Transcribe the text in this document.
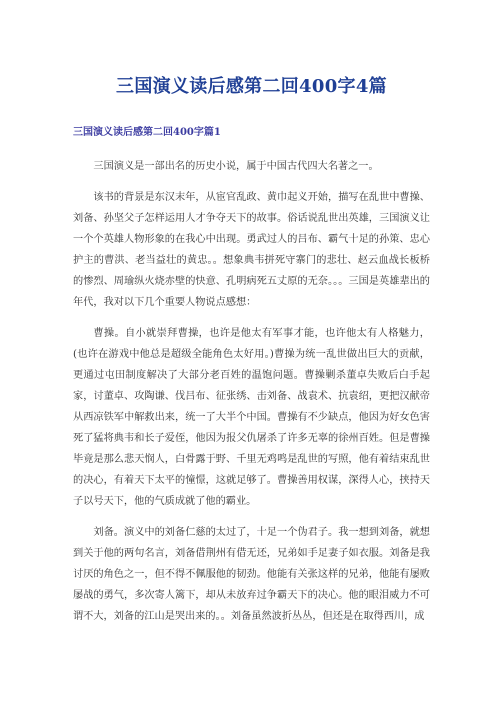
三国演义读后感第二回400字4篇
三国演义读后感第二回400字篇1

三国演义是一部出名的历史小说，属于中国古代四大名著之一。

该书的背景是东汉末年，从宦官乱政、黄巾起义开始，描写在乱世中曹操、刘备、孙坚父子怎样运用人才争夺天下的故事。俗话说乱世出英雄，三国演义让一个个英雄人物形象的在我心中出现。勇武过人的吕布、霸气十足的孙策、忠心护主的曹洪、老当益壮的黄忠。。想象典韦拼死守寨门的悲壮、赵云血战长板桥的惨烈、周瑜纵火烧赤壁的快意、孔明病死五丈原的无奈。。。三国是英雄辈出的年代，我对以下几个重要人物说点感想：

曹操。自小就崇拜曹操，也许是他太有军事才能，也许他太有人格魅力，(也许在游戏中他总是超级全能角色太好用。)曹操为统一乱世做出巨大的贡献，更通过屯田制度解决了大部分老百姓的温饱问题。曹操剿杀董卓失败后白手起家，讨董卓、攻陶谦、伐吕布、征张绣、击刘备、战袁术、抗袁绍，更把汉献帝从西凉铁军中解救出来，统一了大半个中国。曹操有不少缺点，他因为好女色害死了猛将典韦和长子爱侄，他因为报父仇屠杀了许多无辜的徐州百姓。但是曹操毕竟是那么悲天悯人，白骨露于野、千里无鸡鸣是乱世的写照，他有着结束乱世的决心，有着天下太平的憧憬，这就足够了。曹操善用权谋，深得人心，挟持天子以号天下，他的气质成就了他的霸业。

刘备。演义中的刘备仁慈的太过了，十足一个伪君子。我一想到刘备，就想到关于他的两句名言，刘备借荆州有借无还，兄弟如手足妻子如衣服。刘备是我讨厌的角色之一，但不得不佩服他的韧劲。他能有关张这样的兄弟，他能有屡败屡战的勇气，多次寄人篱下，却从未放弃过争霸天下的决心。他的眼泪威力不可谓不大，刘备的江山是哭出来的。。刘备虽然波折丛丛，但还是在取得西川，成
